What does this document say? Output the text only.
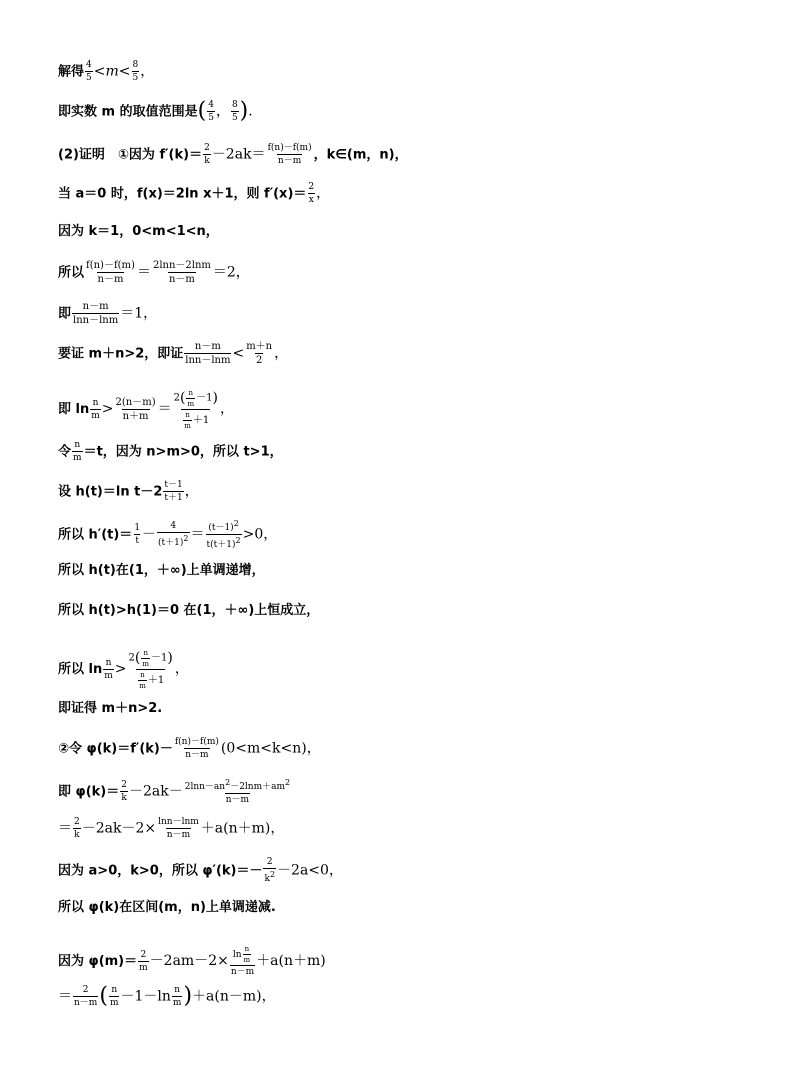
解得 $\frac{4}{5} <m< \frac{8}{5}$ ，
即实数 m 的取值范围是( $\frac{4}{5}$ ， $\frac{8}{5}$ ).
(2)证明　①因为 $f'(k)= \frac{2}{k} -2ak= \frac{f(n)-f(m)}{n-m}$ ，k∈(m，n)，
当 a＝0 时，f(x)＝2ln x＋1，则 $f'(x)= \frac{2}{x}$ ，
因为 k＝1，0<m<1<n，
所以 $\frac{f(n)-f(m)}{n-m} = \frac{2\ln n-2\ln m}{n-m} =2$，
即 $\frac{n-m}{\ln n-\ln m} =1$，
要证 m＋n>2，即证 $\frac{n-m}{\ln n-\ln m} < \frac{m+n}{2}$ ，
即 $\ln \frac{n}{m} > \frac{2(n-m)}{n+m} = \frac{2( \frac{n}{m} -1)}{\frac{n}{m} +1}$ ，
令 $\frac{n}{m} =t$，因为 n>m>0，所以 t>1，
设 h(t)＝ln $t-2 \frac{t-1}{t+1}$ ，
所以 $h'(t)= \frac{1}{t} - \frac{4}{(t+1)2} = \frac{(t-1)2}{t(t+1)2} >0$，
所以 h(t)在(1，＋∞)上单调递增，
所以 h(t)>h(1)＝0 在(1，＋∞)上恒成立，
所以 $\ln \frac{n}{m} > \frac{2( \frac{n}{m} -1)}{\frac{n}{m} +1}$ ，
即证得 m＋n>2.
②令 $\varphi(k)=f'(k)- \frac{f(n)-f(m)}{n-m} (0<m<k<n)$，
即 $\varphi(k)= \frac{2}{k} -2ak- \frac{2\ln n-an2-2\ln m+am2}{n-m}$
＝ $\frac{2}{k} -2ak-2\times \frac{\ln n-\ln m}{n-m} +a(n+m)$，
因为 a>0，k>0，所以 $\varphi'(k)=- \frac{2}{k2} -2a<0$，
所以 φ(k)在区间(m，n)上单调递减.
因为 $\varphi(m)= \frac{2}{m} -2am-2\times \frac{\ln \frac{n}{m}}{n-m} +a(n+m)$
＝ $\frac{2}{n-m}$ ( $\frac{n}{m} -1-\ln \frac{n}{m} )+a(n-m)$，
